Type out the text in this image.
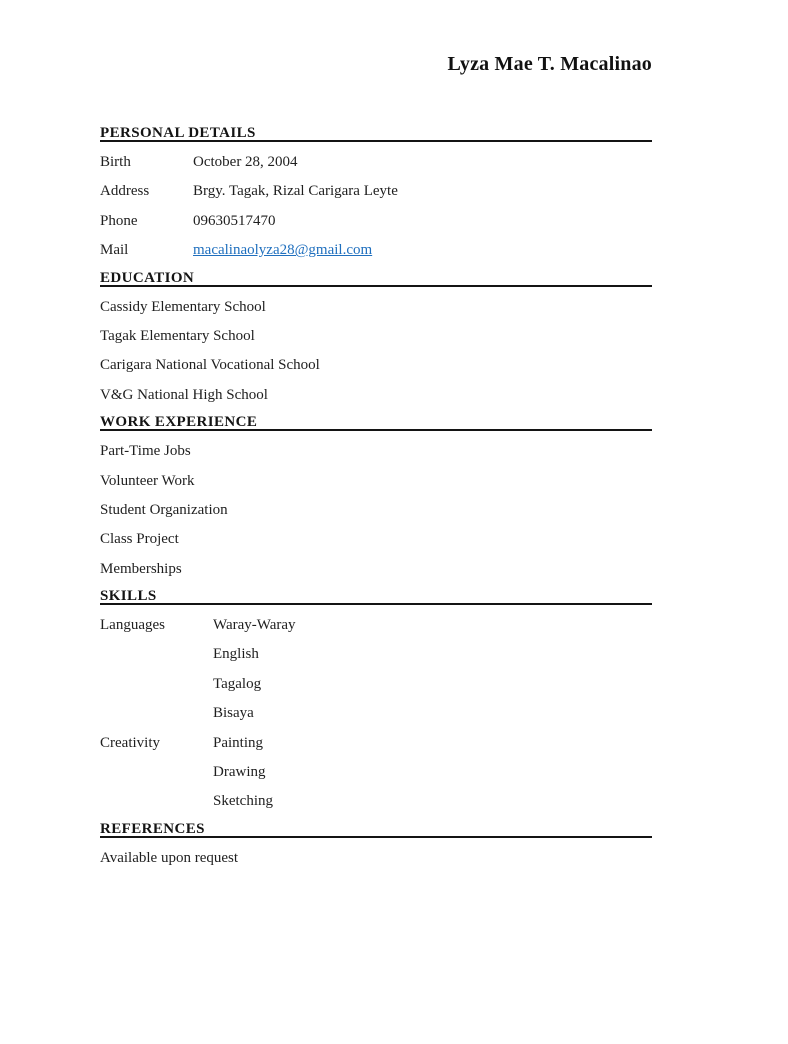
Lyza Mae T. Macalinao
PERSONAL DETAILS
Birth	October 28, 2004
Address	Brgy. Tagak, Rizal Carigara Leyte
Phone	09630517470
Mail	macalinaolyza28@gmail.com
EDUCATION
Cassidy Elementary School
Tagak Elementary School
Carigara National Vocational School
V&G National High School
WORK EXPERIENCE
Part-Time Jobs
Volunteer Work
Student Organization
Class Project
Memberships
SKILLS
Languages	Waray-Waray
English
Tagalog
Bisaya
Creativity	Painting
Drawing
Sketching
REFERENCES
Available upon request
